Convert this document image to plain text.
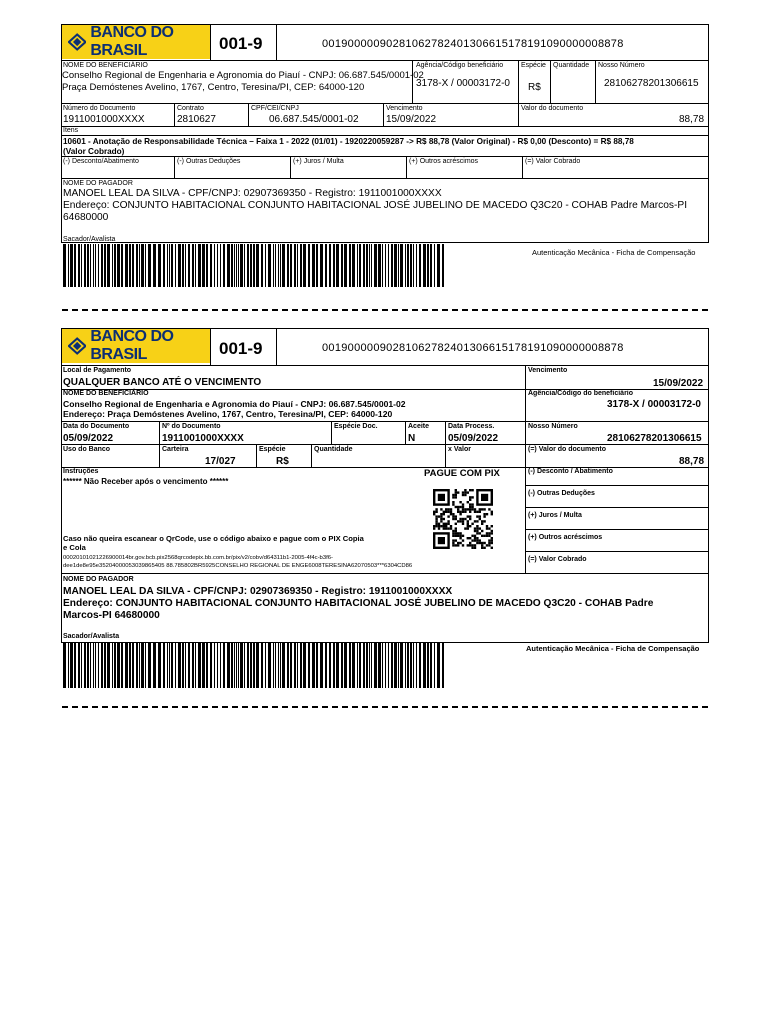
BANCO DO BRASIL	001-9	00190000090281062782401306615178191090000008878
NOME DO BENEFICIÁRIO
Conselho Regional de Engenharia e Agronomia do Piauí - CNPJ: 06.687.545/0001-02
Praça Demóstenes Avelino, 1767, Centro, Teresina/PI, CEP: 64000-120
Agência/Código beneficiário
3178-X / 00003172-0
Espécie
R$
Quantidade Nosso Número
28106278201306615
Número do Documento
1911001000XXXX
Contrato
2810627
CPF/CEI/CNPJ
06.687.545/0001-02
Vencimento
15/09/2022
Valor do documento
88,78
Itens
10601 - Anotação de Responsabilidade Técnica – Faixa 1 - 2022 (01/01) - 1920220059287 -> R$ 88,78 (Valor Original) - R$ 0,00 (Desconto) = R$ 88,78
(Valor Cobrado)
(-) Desconto/Abatimento	(-) Outras Deduções	(+) Juros / Multa	(+) Outros acréscimos	(=) Valor Cobrado
NOME DO PAGADOR
MANOEL LEAL DA SILVA - CPF/CNPJ: 02907369350 - Registro: 1911001000XXXX
Endereço: CONJUNTO HABITACIONAL CONJUNTO HABITACIONAL JOSÉ JUBELINO DE MACEDO Q3C20 - COHAB Padre Marcos-PI
64680000
Sacador/Avalista
Autenticação Mecânica - Ficha de Compensação
BANCO DO BRASIL	001-9	00190000090281062782401306615178191090000008878
Local de Pagamento
QUALQUER BANCO ATÉ O VENCIMENTO
Vencimento
15/09/2022
NOME DO BENEFICIÁRIO
Conselho Regional de Engenharia e Agronomia do Piauí - CNPJ: 06.687.545/0001-02
Endereço: Praça Demóstenes Avelino, 1767, Centro, Teresina/PI, CEP: 64000-120
Agência/Código do beneficiário
3178-X / 00003172-0
Data do Documento
05/09/2022
Nº do Documento
1911001000XXXX
Espécie Doc.	Aceite
N
Data Process.
05/09/2022
Nosso Número
28106278201306615
Uso do Banco	Carteira
17/027
Espécie
R$
Quantidade	x Valor	(=) Valor do documento
88,78
Instruções	PAGUE COM PIX
****** Não Receber após o vencimento ******
Caso não queira escanear o QrCode, use o código abaixo e pague com o PIX Copia
e Cola
00020101021226900014br.gov.bcb.pix2568qrcodepix.bb.com.br/pix/v2/cobv/d64311b1-2005-4f4c-b3f6-
dee1de8e95e35204000053039865405 88.785802BR5925CONSELHO REGIONAL DE ENGE6008TERESINA62070503***6304CD86
(-) Desconto / Abatimento
(-) Outras Deduções
(+) Juros / Multa
(+) Outros acréscimos
(=) Valor Cobrado
NOME DO PAGADOR
MANOEL LEAL DA SILVA - CPF/CNPJ: 02907369350 - Registro: 1911001000XXXX
Endereço: CONJUNTO HABITACIONAL CONJUNTO HABITACIONAL JOSÉ JUBELINO DE MACEDO Q3C20 - COHAB Padre
Marcos-PI 64680000
Sacador/Avalista
Autenticação Mecânica - Ficha de Compensação
